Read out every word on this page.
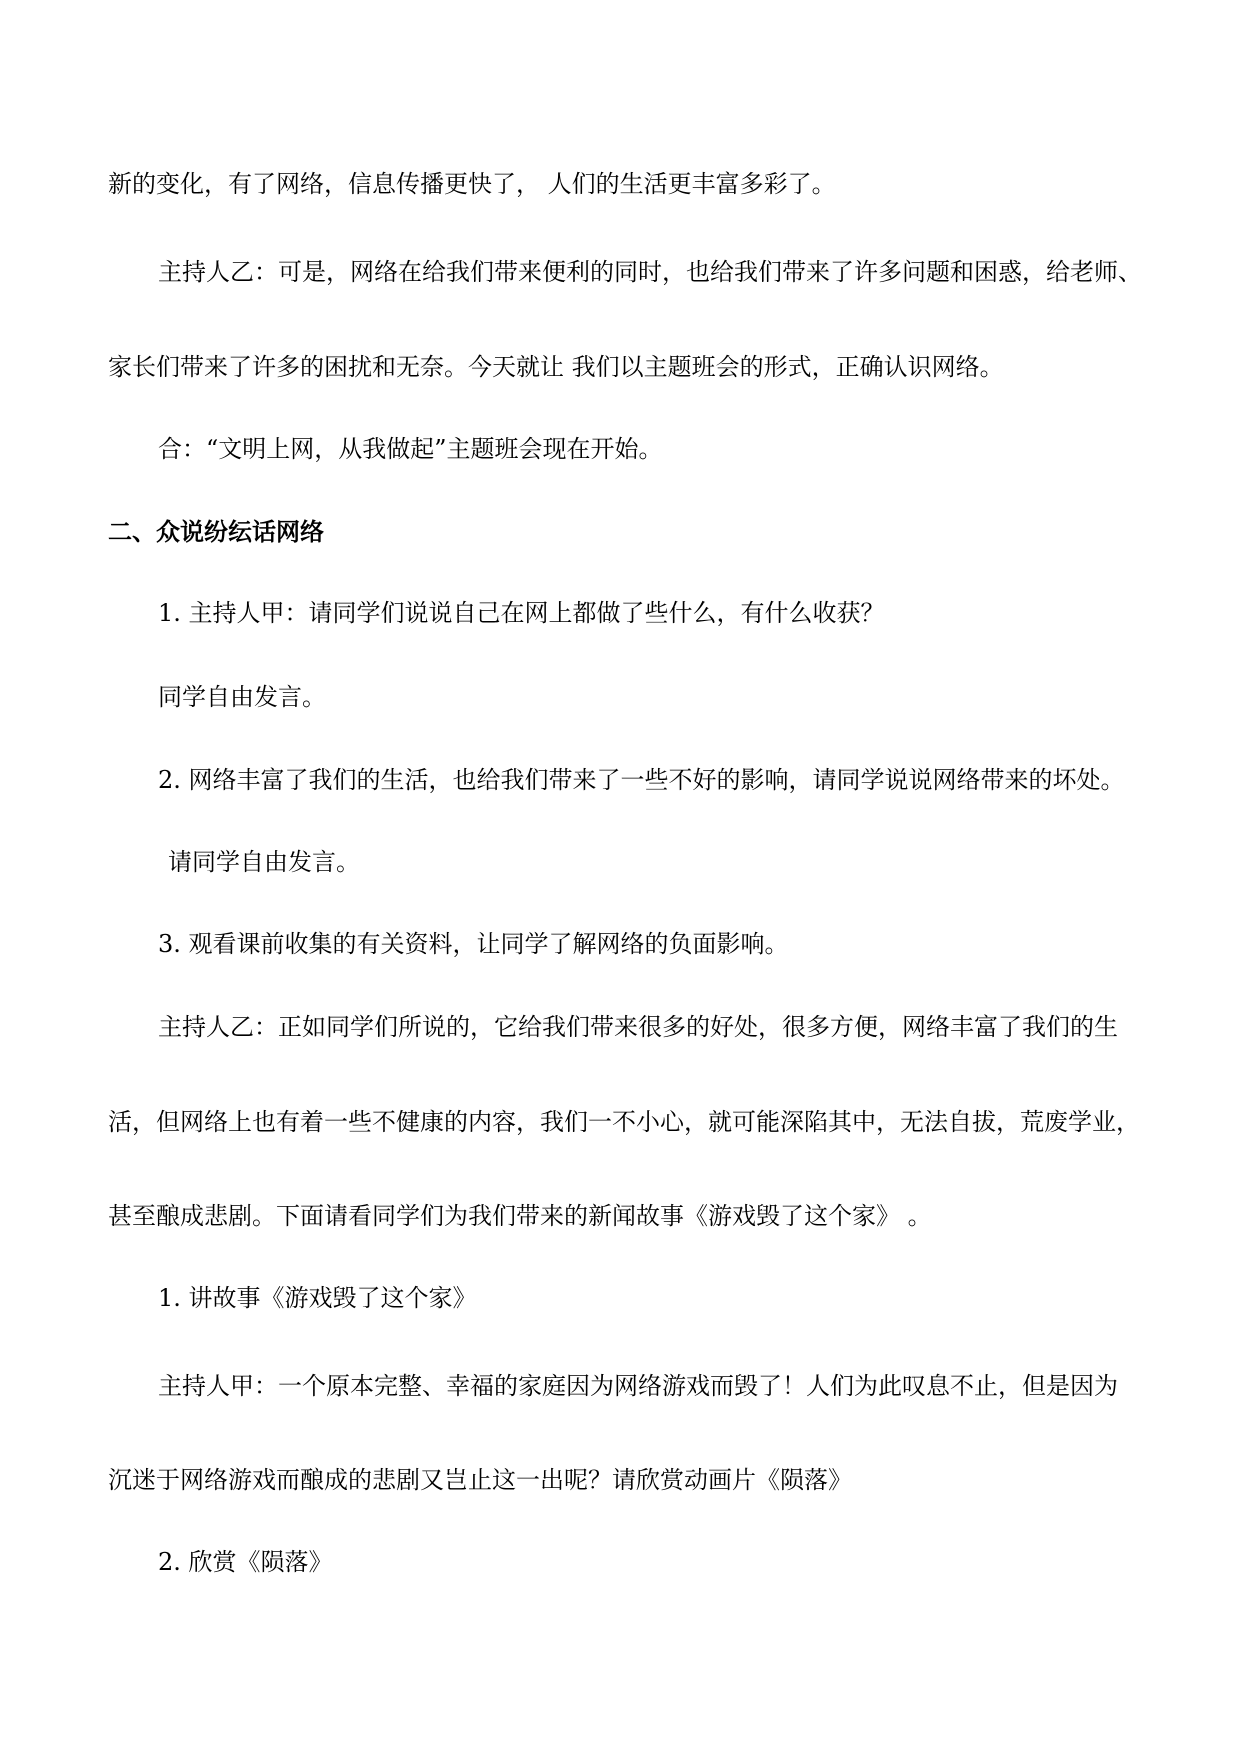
新的变化，有了网络，信息传播更快了， 人们的生活更丰富多彩了。
主持人乙：可是，网络在给我们带来便利的同时，也给我们带来了许多问题和困惑，给老师、
家长们带来了许多的困扰和无奈。今天就让 我们以主题班会的形式，正确认识网络。
合：“文明上网，从我做起”主题班会现在开始。
二、众说纷纭话网络
1. 主持人甲：请同学们说说自己在网上都做了些什么，有什么收获？
同学自由发言。
2. 网络丰富了我们的生活，也给我们带来了一些不好的影响，请同学说说网络带来的坏处。
请同学自由发言。
3. 观看课前收集的有关资料，让同学了解网络的负面影响。
主持人乙：正如同学们所说的，它给我们带来很多的好处，很多方便，网络丰富了我们的生
活，但网络上也有着一些不健康的内容，我们一不小心，就可能深陷其中，无法自拔，荒废学业，
甚至酿成悲剧。下面请看同学们为我们带来的新闻故事《游戏毁了这个家》 。
1. 讲故事《游戏毁了这个家》
主持人甲：一个原本完整、幸福的家庭因为网络游戏而毁了！人们为此叹息不止，但是因为
沉迷于网络游戏而酿成的悲剧又岂止这一出呢？请欣赏动画片《陨落》
2. 欣赏《陨落》
